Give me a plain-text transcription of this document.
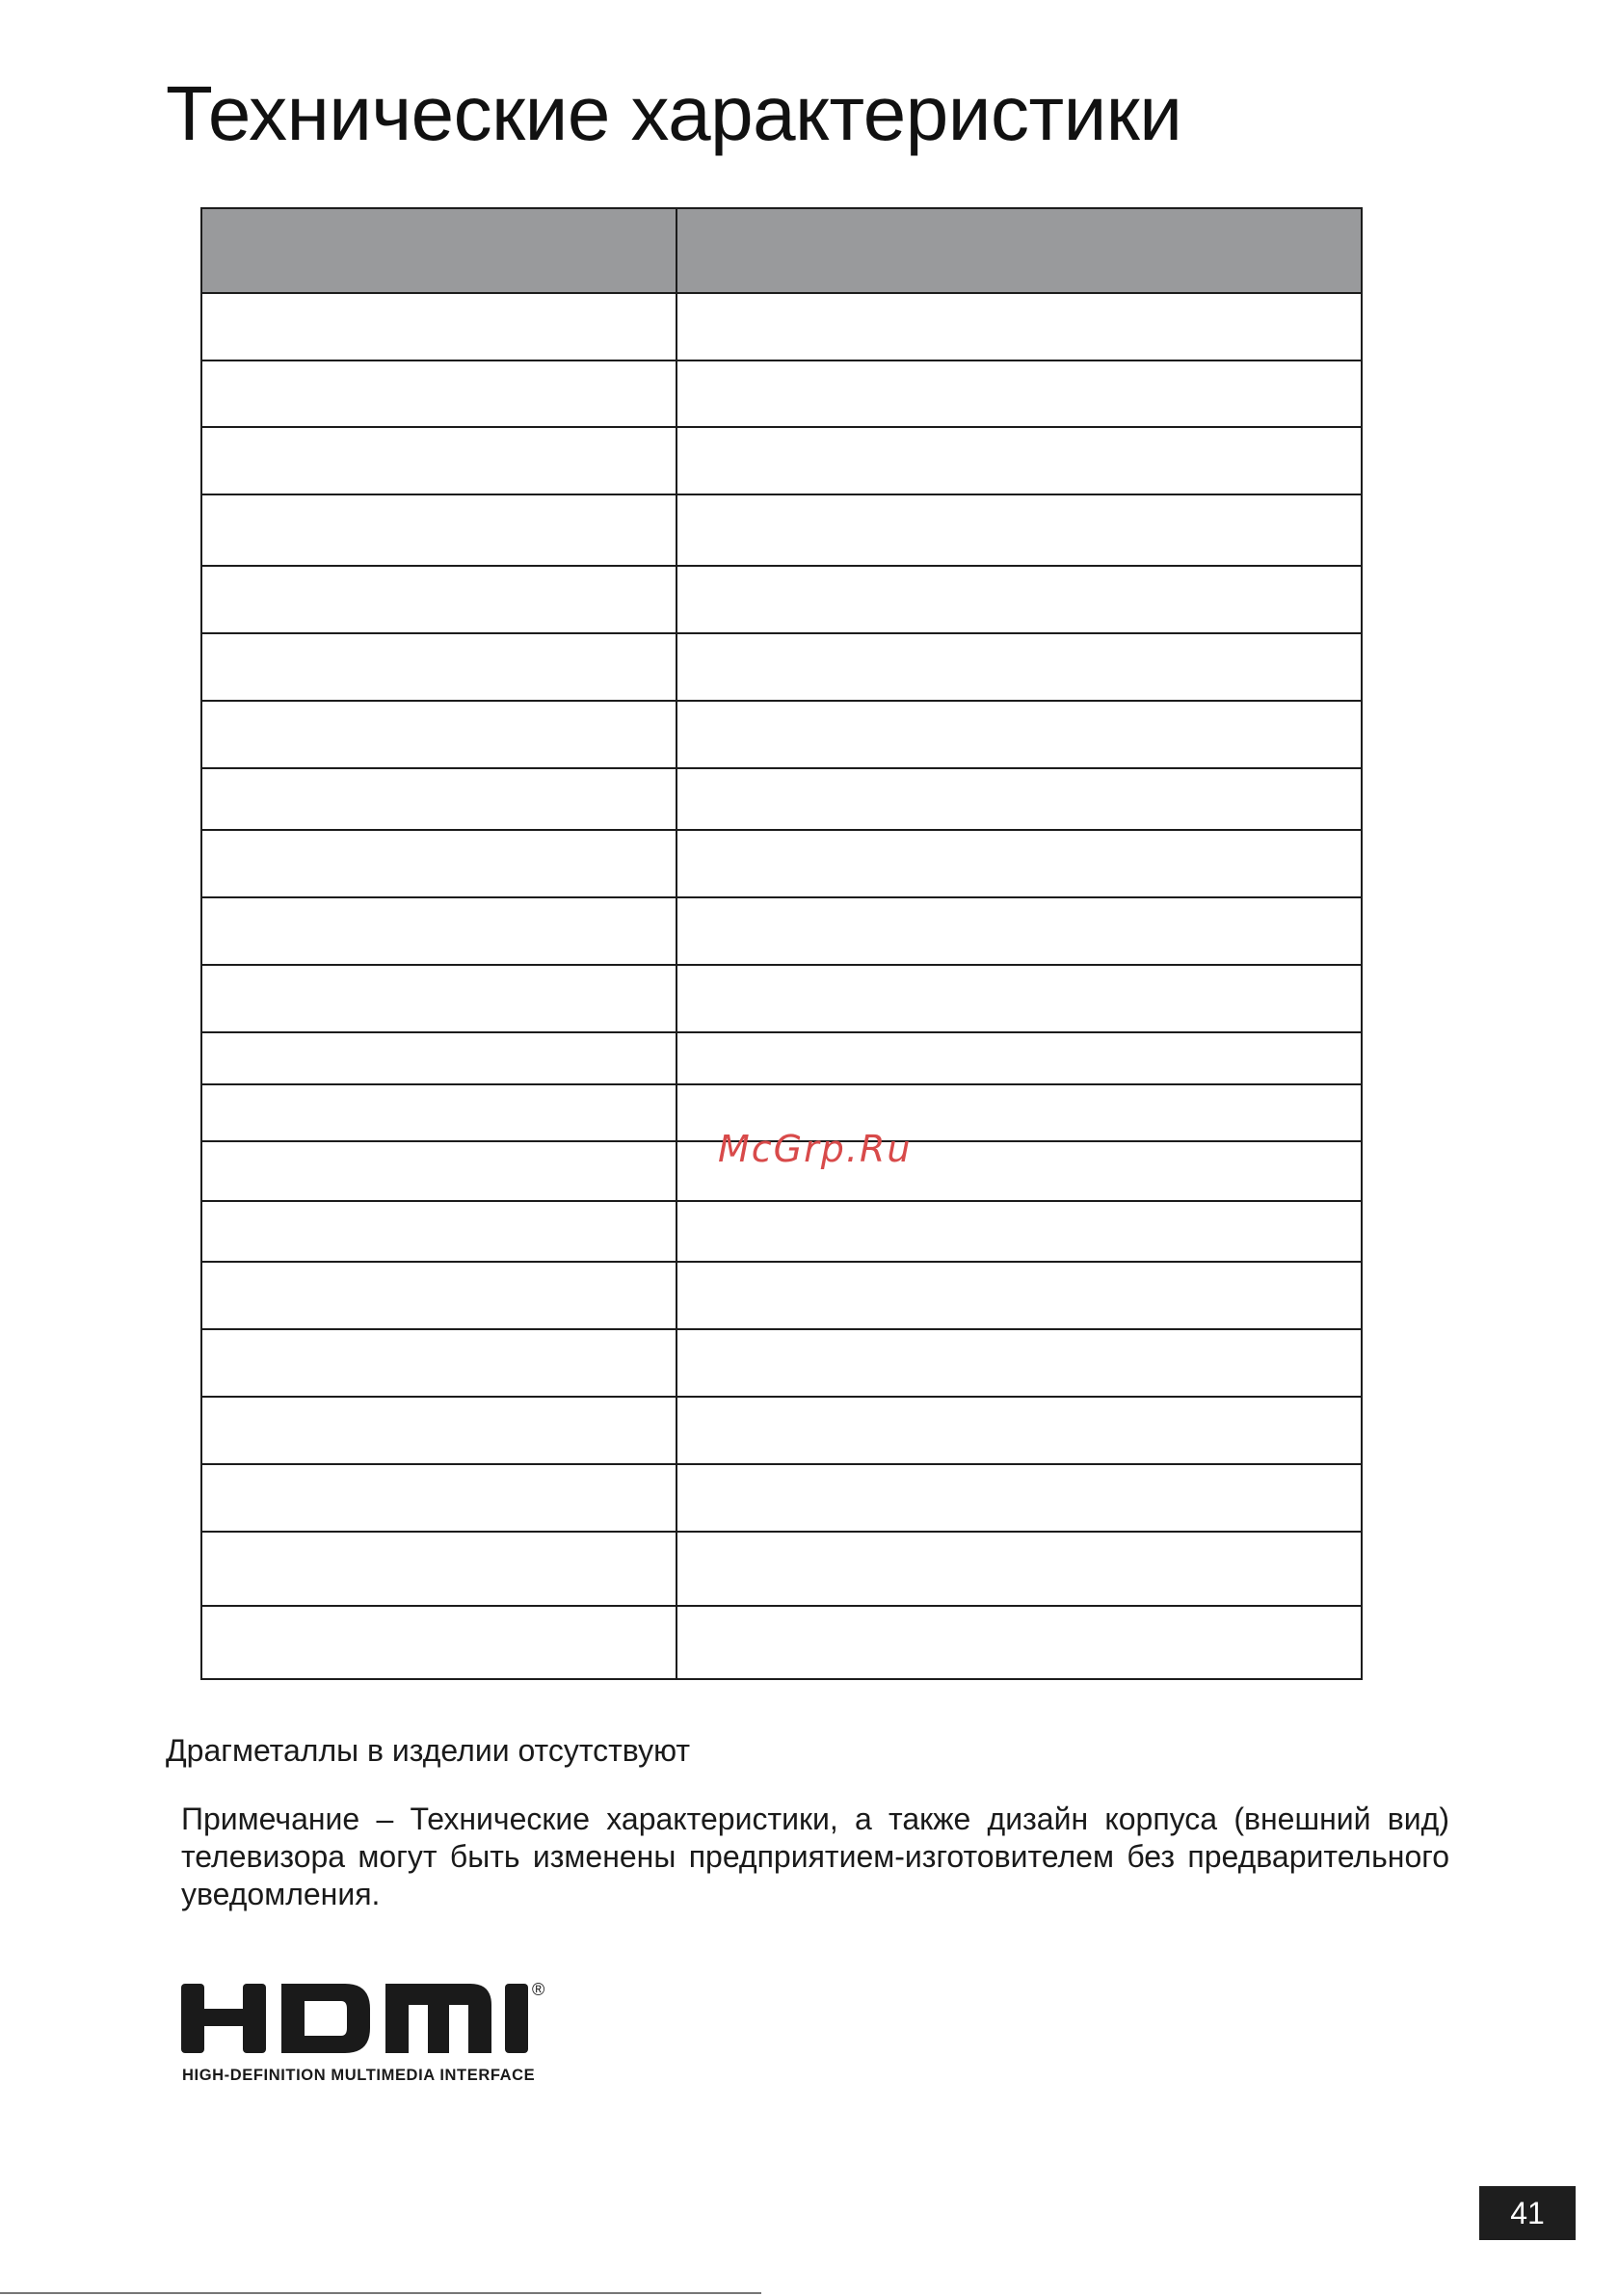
Технические характеристики

McGrp.Ru
Драгметаллы в изделии отсутствуют
Примечание – Технические характеристики, а также дизайн корпуса (внешний вид) телевизора могут быть изменены предприятием-изготовителем без предварительного уведомления.
®
HIGH-DEFINITION MULTIMEDIA INTERFACE
41
